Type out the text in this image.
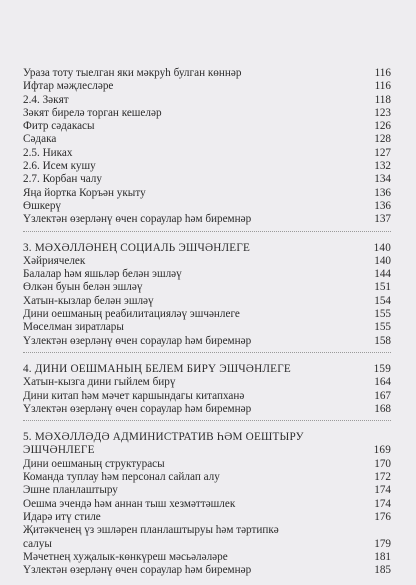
Ураза тоту тыелган яки мәкруһ булган көннәр	116
Ифтар мәҗлесләре	116
2.4. Зәкят	118
Зәкят бирелә торган кешеләр	123
Фитр сәдакасы	126
Сәдака	128
2.5. Никах	127
2.6. Исем кушу	132
2.7. Корбан чалу	134
Яңа йортка Коръән укыту	136
Өшкерү	136
Үзлектән өзерләнү өчен сораулар һәм биремнәр	137
3. МӘХӘЛЛӘНЕҢ СОЦИАЛЬ ЭШЧӘНЛЕГЕ	140
Хәйриячелек	140
Балалар һәм яшьләр белән эшләү	144
Өлкән буын белән эшләү	151
Хатын-кызлар белән эшләү	154
Дини оешманың реабилитацияләү эшчәнлеге	155
Мөселман зиратлары	155
Үзлектән өзерләнү өчен сораулар һәм биремнәр	158
4. ДИНИ ОЕШМАНЫҢ БЕЛЕМ БИРҮ ЭШЧӘНЛЕГЕ	159
Хатын-кызга дини гыйлем бирү	164
Дини китап һәм мәчет каршындагы китапханә	167
Үзлектән өзерләнү өчен сораулар һәм биремнәр	168
5. МӘХӘЛЛӘДӘ АДМИНИСТРАТИВ ҺӘМ ОЕШТЫРУ
ЭШЧӘНЛЕГЕ	169
Дини оешманың структурасы	170
Команда туплау һәм персонал сайлап алу	172
Эшне планлаштыру	174
Оешма эчендә һәм аннан тыш хезмәттәшлек	174
Идарә итү стиле	176
Җитәкченең үз эшләрен планлаштыруы һәм тәртипкә
салуы	179
Мәчетнең хуҗалык-көнкүреш мәсьәләләре	181
Үзлектән өзерләнү өчен сораулар һәм биремнәр	185
